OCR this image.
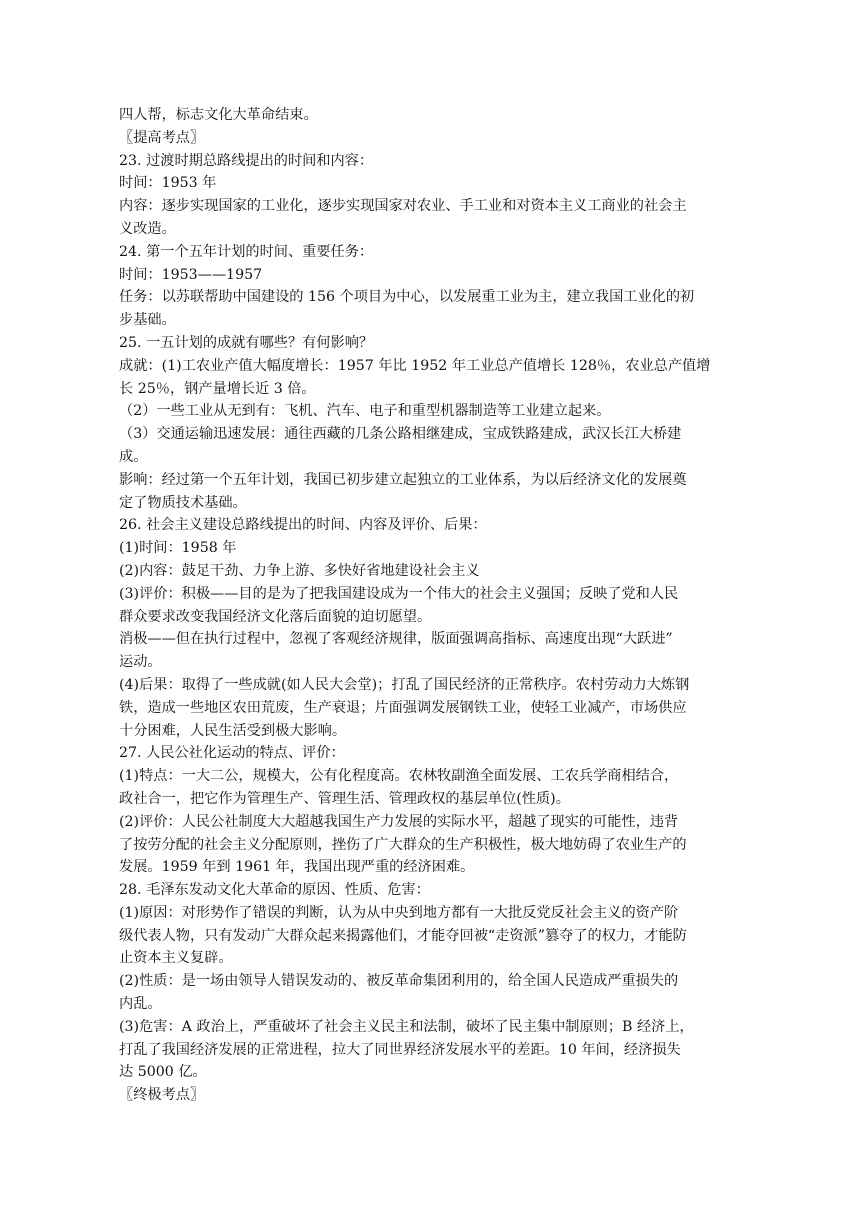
四人帮，标志文化大革命结束。
〖提高考点〗
23. 过渡时期总路线提出的时间和内容：
时间：1953 年
内容：逐步实现国家的工业化，逐步实现国家对农业、手工业和对资本主义工商业的社会主
义改造。
24. 第一个五年计划的时间、重要任务：
时间：1953——1957
任务：以苏联帮助中国建设的 156 个项目为中心，以发展重工业为主，建立我国工业化的初
步基础。
25. 一五计划的成就有哪些？有何影响？
成就：(1)工农业产值大幅度增长：1957 年比 1952 年工业总产值增长 128％，农业总产值增
长 25％，钢产量增长近 3 倍。
（2）一些工业从无到有：飞机、汽车、电子和重型机器制造等工业建立起来。
（3）交通运输迅速发展：通往西藏的几条公路相继建成，宝成铁路建成，武汉长江大桥建
成。
影响：经过第一个五年计划，我国已初步建立起独立的工业体系，为以后经济文化的发展奠
定了物质技术基础。
26. 社会主义建设总路线提出的时间、内容及评价、后果：
(1)时间：1958 年
(2)内容：鼓足干劲、力争上游、多快好省地建设社会主义
(3)评价：积极——目的是为了把我国建设成为一个伟大的社会主义强国；反映了党和人民
群众要求改变我国经济文化落后面貌的迫切愿望。
消极——但在执行过程中，忽视了客观经济规律，版面强调高指标、高速度出现“大跃进”
运动。
(4)后果：取得了一些成就(如人民大会堂)；打乱了国民经济的正常秩序。农村劳动力大炼钢
铁，造成一些地区农田荒废，生产衰退；片面强调发展钢铁工业，使轻工业减产，市场供应
十分困难，人民生活受到极大影响。
27. 人民公社化运动的特点、评价：
(1)特点：一大二公，规模大，公有化程度高。农林牧副渔全面发展、工农兵学商相结合，
政社合一，把它作为管理生产、管理生活、管理政权的基层单位(性质)。
(2)评价：人民公社制度大大超越我国生产力发展的实际水平，超越了现实的可能性，违背
了按劳分配的社会主义分配原则，挫伤了广大群众的生产积极性，极大地妨碍了农业生产的
发展。1959 年到 1961 年，我国出现严重的经济困难。
28. 毛泽东发动文化大革命的原因、性质、危害：
(1)原因：对形势作了错误的判断，认为从中央到地方都有一大批反党反社会主义的资产阶
级代表人物，只有发动广大群众起来揭露他们，才能夺回被“走资派”篡夺了的权力，才能防
止资本主义复辟。
(2)性质：是一场由领导人错误发动的、被反革命集团利用的，给全国人民造成严重损失的
内乱。
(3)危害：A 政治上，严重破坏了社会主义民主和法制，破坏了民主集中制原则；B 经济上，
打乱了我国经济发展的正常进程，拉大了同世界经济发展水平的差距。10 年间，经济损失
达 5000 亿。
〖终极考点〗
